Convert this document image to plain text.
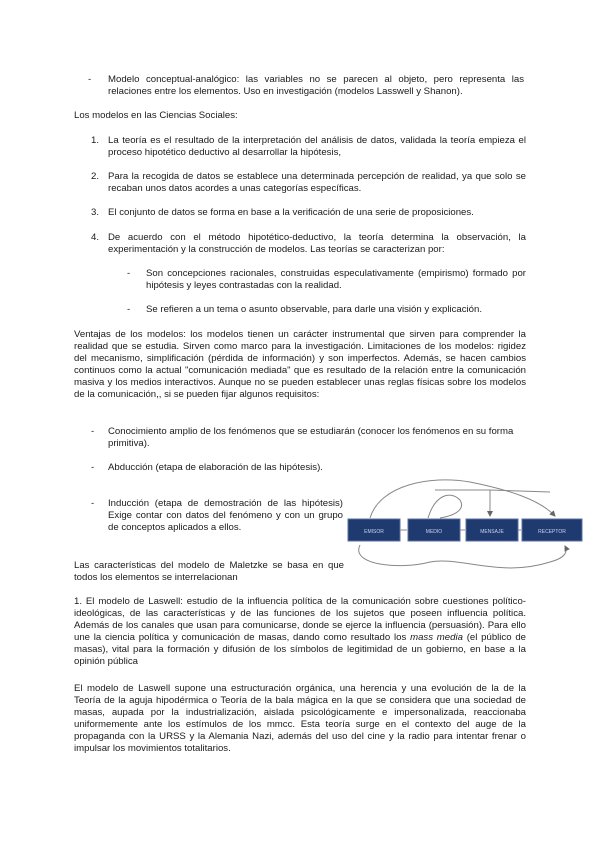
- Modelo conceptual-analógico: las variables no se parecen al objeto, pero representa las relaciones entre los elementos. Uso en investigación (modelos Lasswell y Shanon).
Los modelos en las Ciencias Sociales:
1. La teoría es el resultado de la interpretación del análisis de datos, validada la teoría empieza el proceso hipotético deductivo al desarrollar la hipótesis,
2. Para la recogida de datos se establece una determinada percepción de realidad, ya que solo se recaban unos datos acordes a unas categorías específicas.
3. El conjunto de datos se forma en base a la verificación de una serie de proposiciones.
4. De acuerdo con el método hipotético-deductivo, la teoría determina la observación, la experimentación y la construcción de modelos. Las teorías se caracterizan por:
- Son concepciones racionales, construidas especulativamente (empirismo) formado por hipótesis y leyes contrastadas con la realidad.
- Se refieren a un tema o asunto observable, para darle una visión y explicación.
Ventajas de los modelos: los modelos tienen un carácter instrumental que sirven para comprender la realidad que se estudia. Sirven como marco para la investigación. Limitaciones de los modelos: rigidez del mecanismo, simplificación (pérdida de información) y son imperfectos. Además, se hacen cambios continuos como la actual "comunicación mediada" que es resultado de la relación entre la comunicación masiva y los medios interactivos. Aunque no se pueden establecer unas reglas físicas sobre los modelos de la comunicación,, si se pueden fijar algunos requisitos:
- Conocimiento amplio de los fenómenos que se estudiarán (conocer los fenómenos en su forma primitiva).
- Abducción (etapa de elaboración de las hipótesis).
- Inducción (etapa de demostración de las hipótesis) Exige contar con datos del fenómeno y con un grupo de conceptos aplicados a ellos.
Las características del modelo de Maletzke se basa en que todos los elementos se interrelacionan
EMISOR	MEDIO	MENSAJE	RECEPTOR
1. El modelo de Laswell: estudio de la influencia política de la comunicación sobre cuestiones político-ideológicas, de las características y de las funciones de los sujetos que poseen influencia política. Además de los canales que usan para comunicarse, donde se ejerce la influencia (persuasión). Para ello une la ciencia política y comunicación de masas, dando como resultado los mass media (el público de masas), vital para la formación y difusión de los símbolos de legitimidad de un gobierno, en base a la opinión pública
El modelo de Laswell supone una estructuración orgánica, una herencia y una evolución de la de la Teoría de la aguja hipodérmica o Teoría de la bala mágica en la que se considera que una sociedad de masas, aupada por la industrialización, aislada psicológicamente e impersonalizada, reaccionaba uniformemente ante los estímulos de los mmcc. Esta teoría surge en el contexto del auge de la propaganda con la URSS y la Alemania Nazi, además del uso del cine y la radio para intentar frenar o impulsar los movimientos totalitarios.
